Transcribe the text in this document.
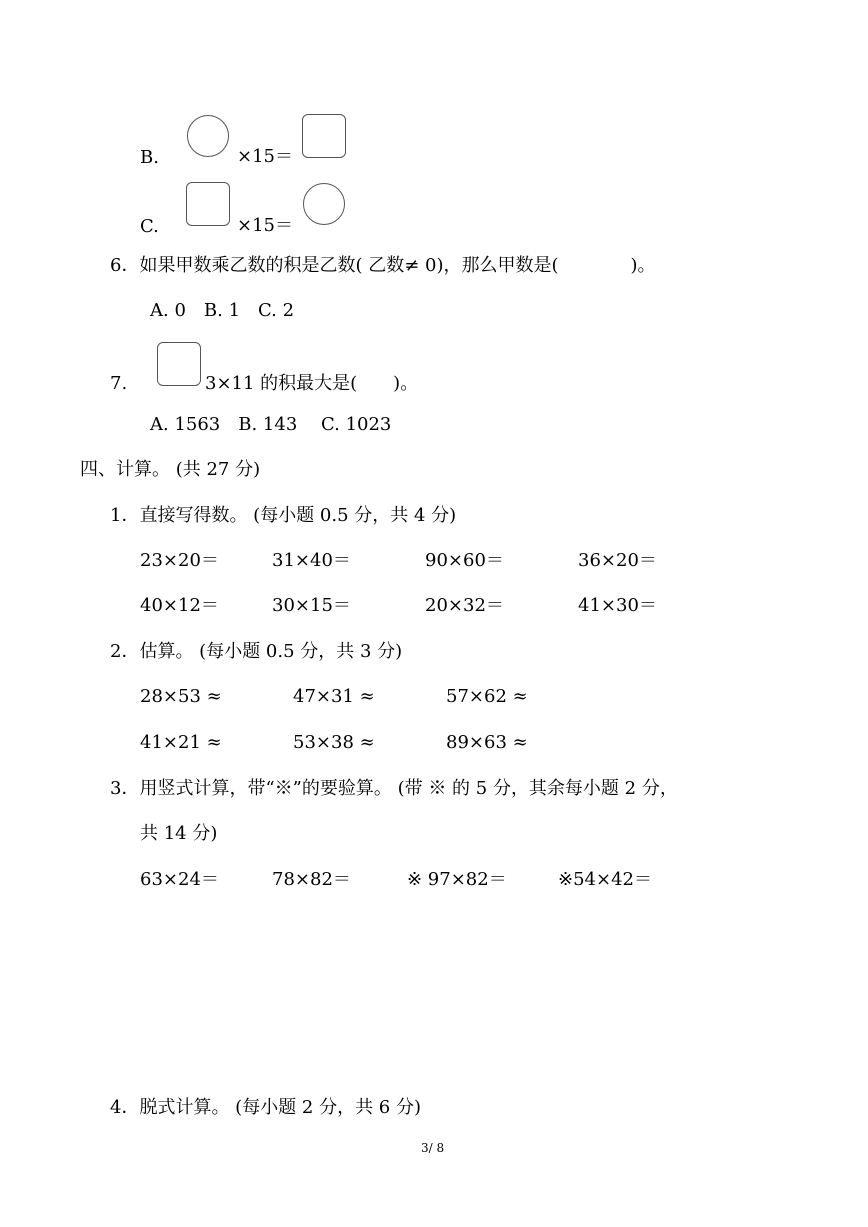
B.	×15＝
C.	×15＝
6．如果甲数乘乙数的积是乙数( 乙数≠ 0)，那么甲数是(　　　　)。
A. 0　B. 1　C. 2
7.	3×11 的积最大是(　　)。
A. 1563　B. 143　 C. 1023
四、计算。 (共 27 分)
1．直接写得数。 (每小题 0.5 分，共 4 分)
23×20＝	31×40＝	90×60＝	36×20＝
40×12＝	30×15＝	20×32＝	41×30＝
2．估算。 (每小题 0.5 分，共 3 分)
28×53 ≈	47×31 ≈	57×62 ≈
41×21 ≈	53×38 ≈	89×63 ≈
3．用竖式计算，带“※”的要验算。 (带 ※ 的 5 分，其余每小题 2 分，
共 14 分)
63×24＝	78×82＝	※ 97×82＝	※54×42＝
4．脱式计算。 (每小题 2 分，共 6 分)
3/ 8
